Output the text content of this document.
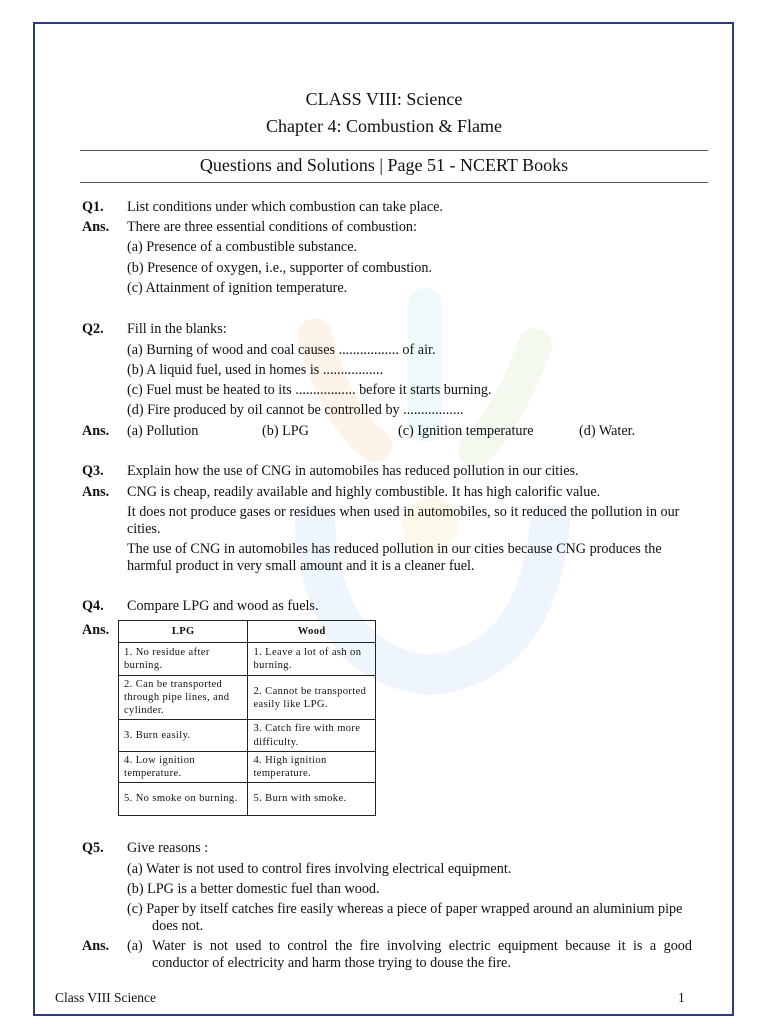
CLASS VIII: Science
Chapter 4: Combustion & Flame
Questions and Solutions | Page 51 - NCERT Books
Q1. List conditions under which combustion can take place.
Ans. There are three essential conditions of combustion:
(a) Presence of a combustible substance.
(b) Presence of oxygen, i.e., supporter of combustion.
(c) Attainment of ignition temperature.
Q2. Fill in the blanks:
(a) Burning of wood and coal causes ................. of air.
(b) A liquid fuel, used in homes is .................
(c) Fuel must be heated to its ................. before it starts burning.
(d) Fire produced by oil cannot be controlled by .................
Ans. (a) Pollution	(b) LPG	(c) Ignition temperature	(d) Water.
Q3. Explain how the use of CNG in automobiles has reduced pollution in our cities.
Ans. CNG is cheap, readily available and highly combustible. It has high calorific value.
It does not produce gases or residues when used in automobiles, so it reduced the pollution in our cities.
The use of CNG in automobiles has reduced pollution in our cities because CNG produces the harmful product in very small amount and it is a cleaner fuel.
Q4. Compare LPG and wood as fuels.
Ans.	LPG	Wood
1. No residue after burning.	1. Leave a lot of ash on burning.
2. Can be transported through pipe lines, and cylinder.	2. Cannot be transported easily like LPG.
3. Burn easily.	3. Catch fire with more difficulty.
4. Low ignition temperature.	4. High ignition temperature.
5. No smoke on burning.	5. Burn with smoke.
Q5. Give reasons :
(a) Water is not used to control fires involving electrical equipment.
(b) LPG is a better domestic fuel than wood.
(c) Paper by itself catches fire easily whereas a piece of paper wrapped around an aluminium pipe does not.
Ans. (a) Water is not used to control the fire involving electric equipment because it is a good conductor of electricity and harm those trying to douse the fire.
Class VIII Science	1
